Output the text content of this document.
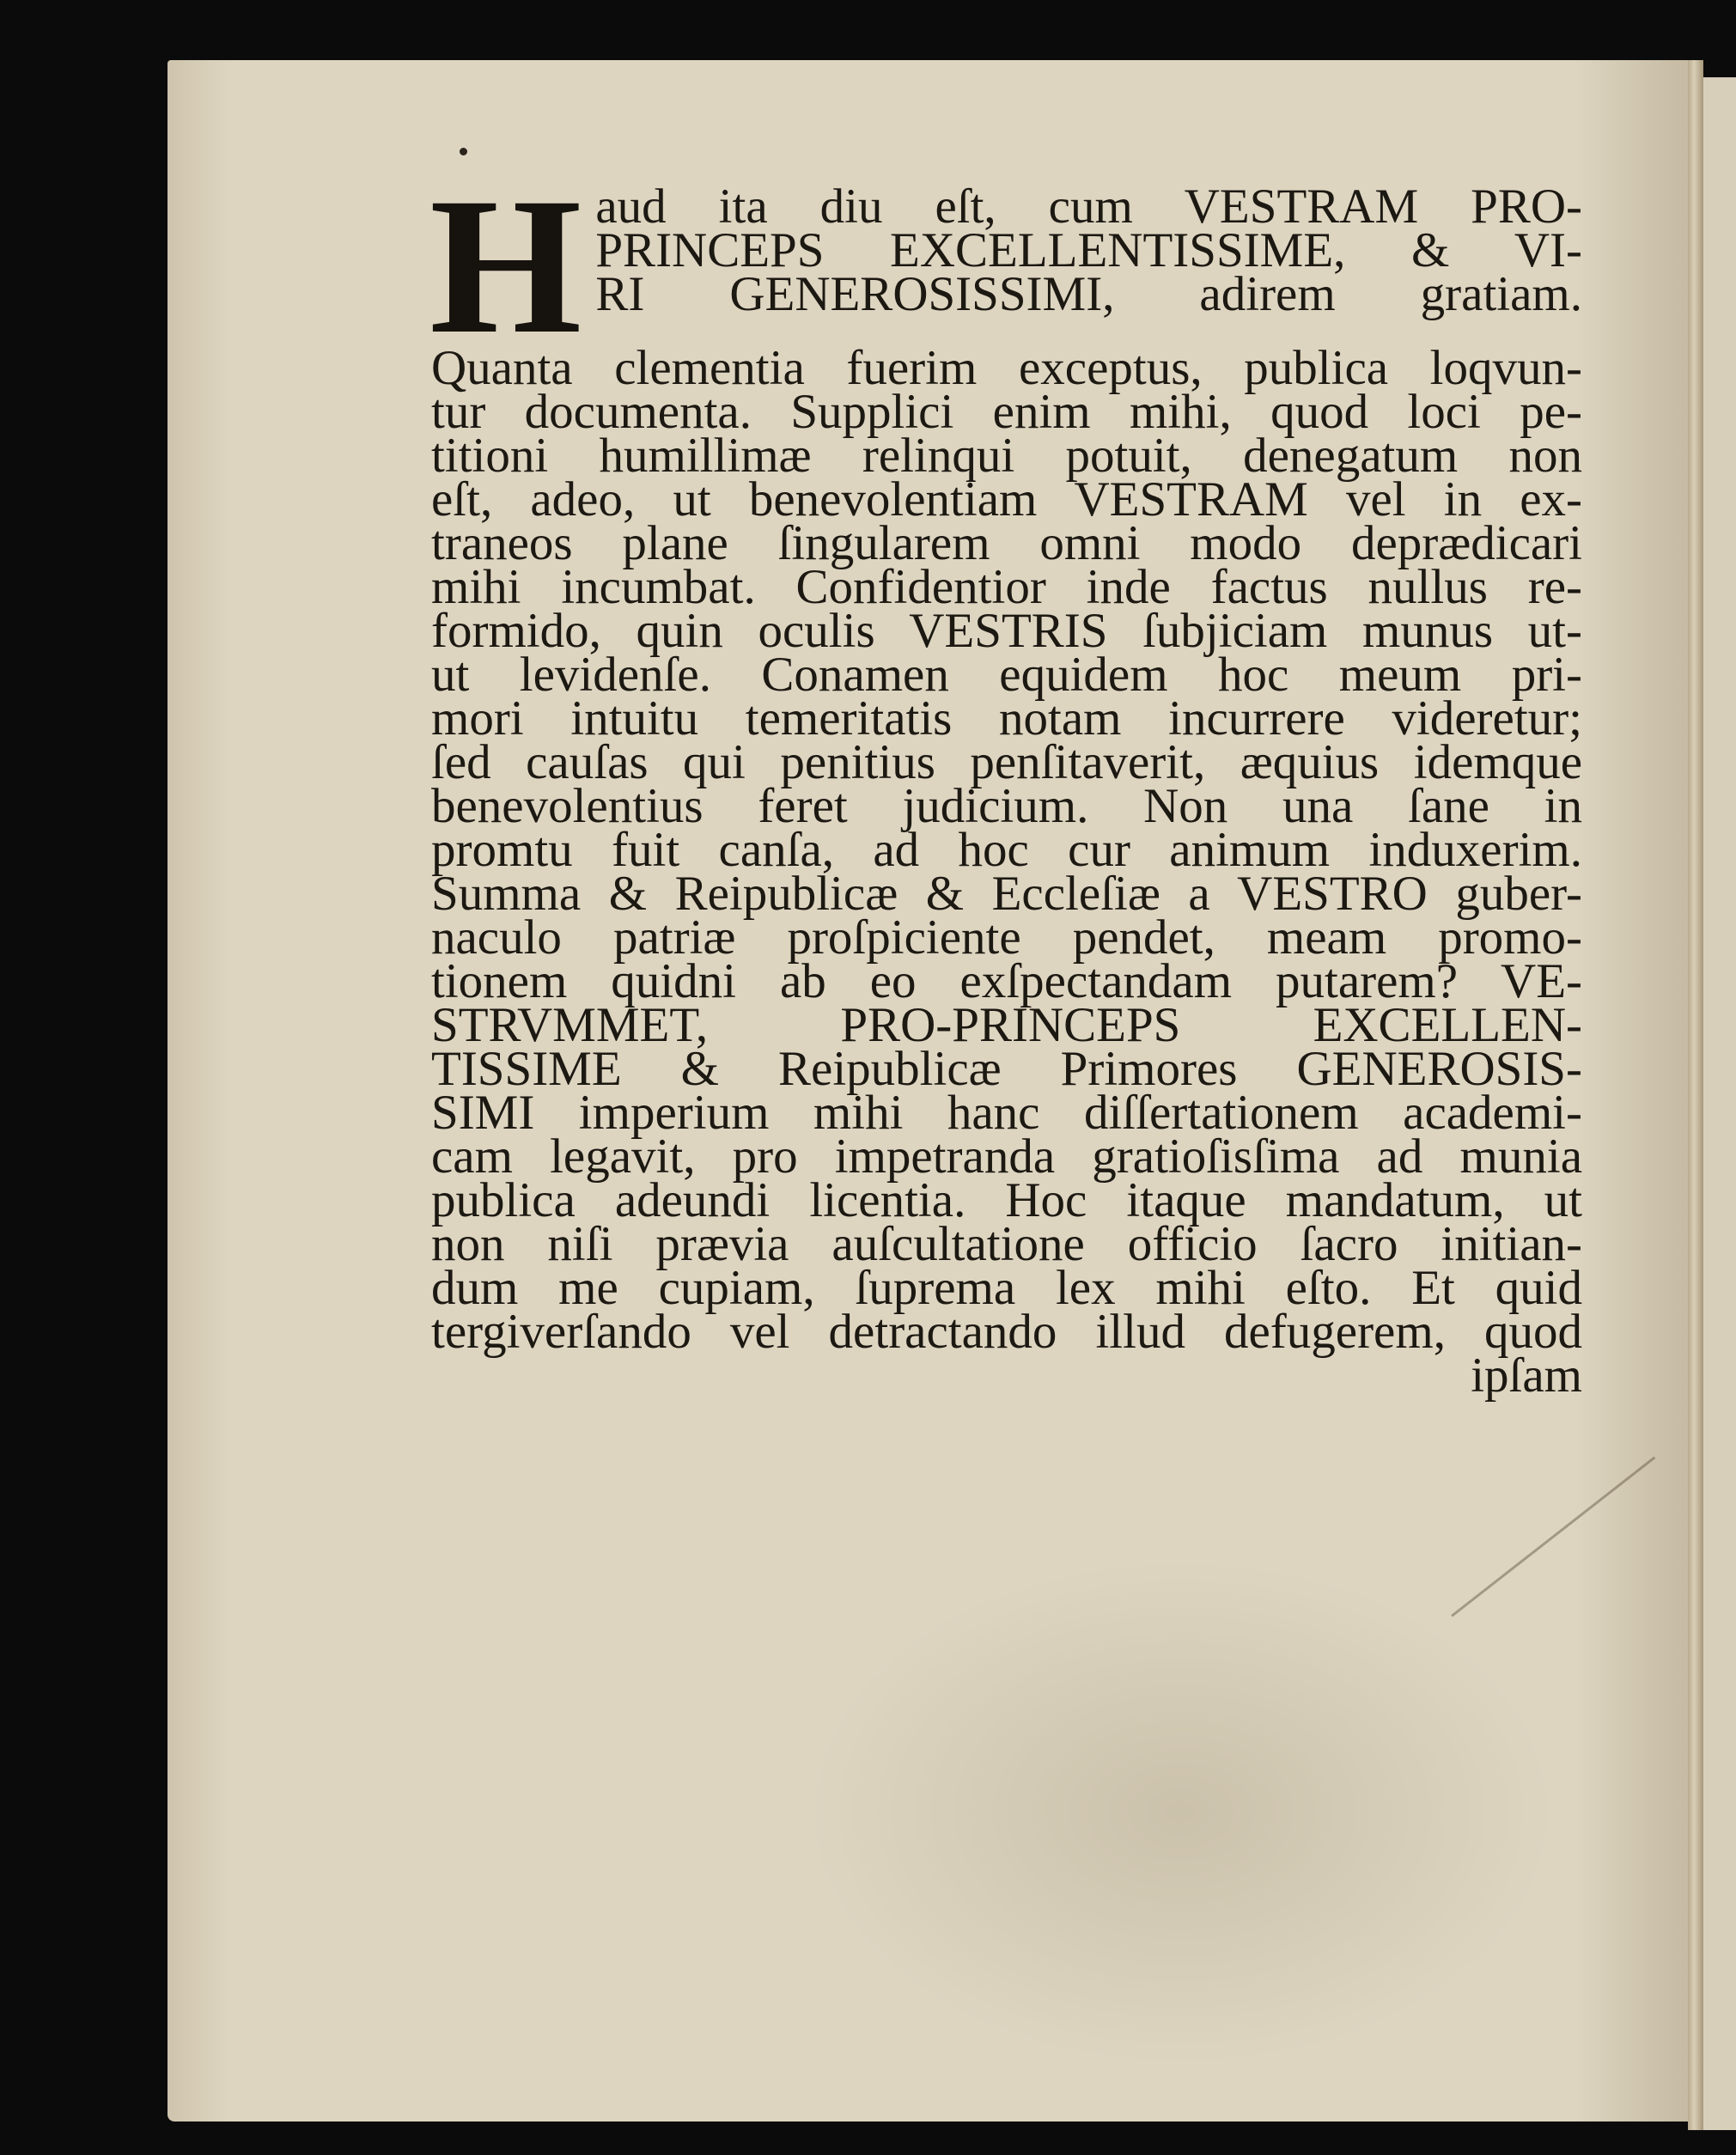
H aud ita diu eſt, cum VESTRAM PRO-
PRINCEPS EXCELLENTISSIME, & VI-
RI GENEROSISSIMI, adirem gratiam.
Quanta clementia fuerim exceptus, publica loqvun-
tur documenta. Supplici enim mihi, quod loci pe-
titioni humillimæ relinqui potuit, denegatum non
eſt, adeo, ut benevolentiam VESTRAM vel in ex-
traneos plane ſingularem omni modo deprædicari
mihi incumbat. Confidentior inde factus nullus re-
formido, quin oculis VESTRIS ſubjiciam munus ut-
ut levidenſe. Conamen equidem hoc meum pri-
mori intuitu temeritatis notam incurrere videretur;
ſed cauſas qui penitius penſitaverit, æquius idemque
benevolentius feret judicium. Non una ſane in
promtu fuit canſa, ad hoc cur animum induxerim.
Summa & Reipublicæ & Eccleſiæ a VESTRO guber-
naculo patriæ proſpiciente pendet, meam promo-
tionem quidni ab eo exſpectandam putarem? VE-
STRVMMET, PRO-PRINCEPS EXCELLEN-
TISSIME & Reipublicæ Primores GENEROSIS-
SIMI imperium mihi hanc diſſertationem academi-
cam legavit, pro impetranda gratioſisſima ad munia
publica adeundi licentia. Hoc itaque mandatum, ut
non niſi prævia auſcultatione officio ſacro initian-
dum me cupiam, ſuprema lex mihi eſto. Et quid
tergiverſando vel detractando illud defugerem, quod
ipſam
